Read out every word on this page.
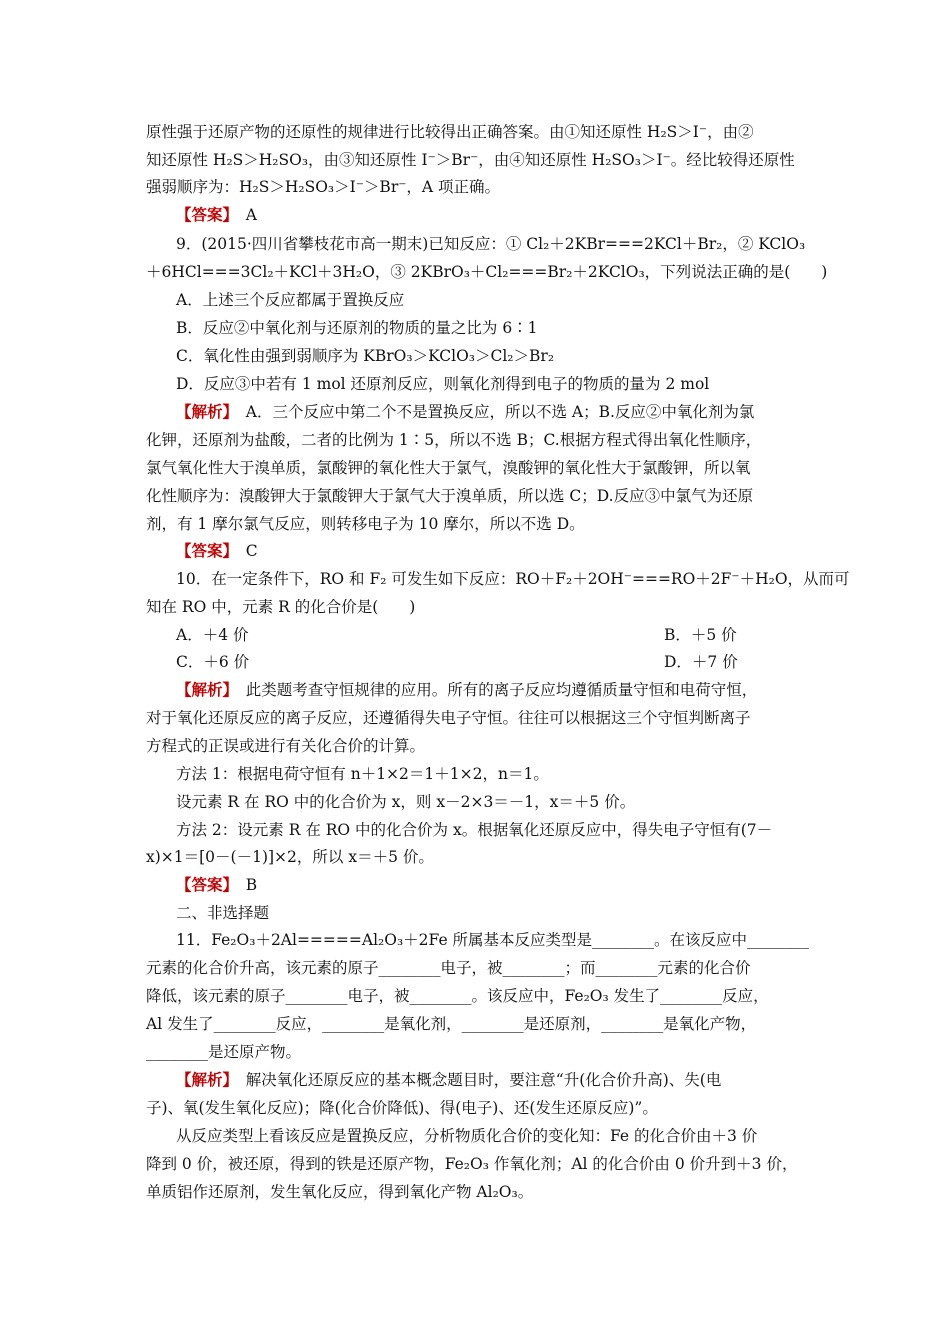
原性强于还原产物的还原性的规律进行比较得出正确答案。由①知还原性 H₂S＞I⁻，由②
知还原性 H₂S＞H₂SO₃，由③知还原性 I⁻＞Br⁻，由④知还原性 H₂SO₃＞I⁻。经比较得还原性
强弱顺序为：H₂S＞H₂SO₃＞I⁻＞Br⁻，A 项正确。
【答案】　A
9．(2015·四川省攀枝花市高一期末)已知反应：① Cl₂＋2KBr===2KCl＋Br₂，② KClO₃
＋6HCl===3Cl₂＋KCl＋3H₂O，③ 2KBrO₃＋Cl₂===Br₂＋2KClO₃，下列说法正确的是(　　)
A．上述三个反应都属于置换反应
B．反应②中氧化剂与还原剂的物质的量之比为 6∶1
C．氧化性由强到弱顺序为 KBrO₃＞KClO₃＞Cl₂＞Br₂
D．反应③中若有 1 mol 还原剂反应，则氧化剂得到电子的物质的量为 2 mol
【解析】　A．三个反应中第二个不是置换反应，所以不选 A；B.反应②中氧化剂为氯
化钾，还原剂为盐酸，二者的比例为 1∶5，所以不选 B；C.根据方程式得出氧化性顺序，
氯气氧化性大于溴单质，氯酸钾的氧化性大于氯气，溴酸钾的氧化性大于氯酸钾，所以氧
化性顺序为：溴酸钾大于氯酸钾大于氯气大于溴单质，所以选 C；D.反应③中氯气为还原
剂，有 1 摩尔氯气反应，则转移电子为 10 摩尔，所以不选 D。
【答案】　C
10．在一定条件下，RO 和 F₂ 可发生如下反应：RO＋F₂＋2OH⁻===RO＋2F⁻＋H₂O，从而可
知在 RO 中，元素 R 的化合价是(　　)
A．＋4 价	B．＋5 价
C．＋6 价	D．＋7 价
【解析】　此类题考查守恒规律的应用。所有的离子反应均遵循质量守恒和电荷守恒，
对于氧化还原反应的离子反应，还遵循得失电子守恒。往往可以根据这三个守恒判断离子
方程式的正误或进行有关化合价的计算。
方法 1：根据电荷守恒有 n＋1×2＝1＋1×2，n＝1。
设元素 R 在 RO 中的化合价为 x，则 x－2×3＝－1，x＝＋5 价。
方法 2：设元素 R 在 RO 中的化合价为 x。根据氧化还原反应中，得失电子守恒有(7－
x)×1＝[0－(－1)]×2，所以 x＝＋5 价。
【答案】　B
二、非选择题
11．Fe₂O₃＋2Al=====Al₂O₃＋2Fe 所属基本反应类型是________。在该反应中________
元素的化合价升高，该元素的原子________电子，被________；而________元素的化合价
降低，该元素的原子________电子，被________。该反应中，Fe₂O₃ 发生了________反应，
Al 发生了________反应，________是氧化剂，________是还原剂，________是氧化产物，
________是还原产物。
【解析】　解决氧化还原反应的基本概念题目时，要注意“升(化合价升高)、失(电
子)、氧(发生氧化反应)；降(化合价降低)、得(电子)、还(发生还原反应)”。
从反应类型上看该反应是置换反应，分析物质化合价的变化知：Fe 的化合价由＋3 价
降到 0 价，被还原，得到的铁是还原产物，Fe₂O₃ 作氧化剂；Al 的化合价由 0 价升到＋3 价，
单质铝作还原剂，发生氧化反应，得到氧化产物 Al₂O₃。
